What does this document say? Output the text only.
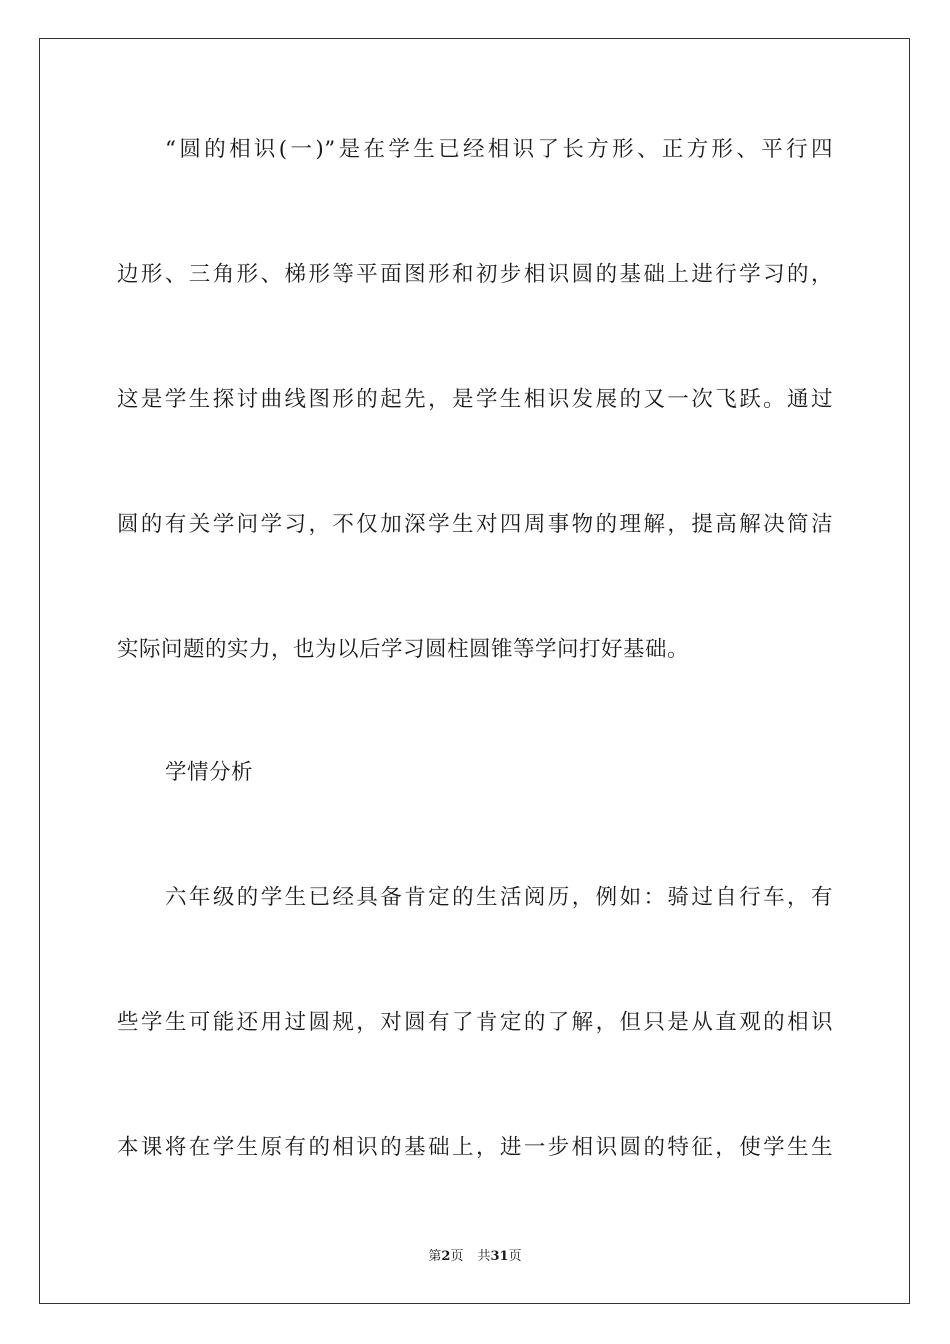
“圆的相识(一)”是在学生已经相识了长方形、正方形、平行四
边形、三角形、梯形等平面图形和初步相识圆的基础上进行学习的，
这是学生探讨曲线图形的起先，是学生相识发展的又一次飞跃。通过
圆的有关学问学习，不仅加深学生对四周事物的理解，提高解决简洁
实际问题的实力，也为以后学习圆柱圆锥等学问打好基础。
学情分析
六年级的学生已经具备肯定的生活阅历，例如：骑过自行车，有
些学生可能还用过圆规，对圆有了肯定的了解，但只是从直观的相识
本课将在学生原有的相识的基础上，进一步相识圆的特征，使学生生
第2页 共31页
